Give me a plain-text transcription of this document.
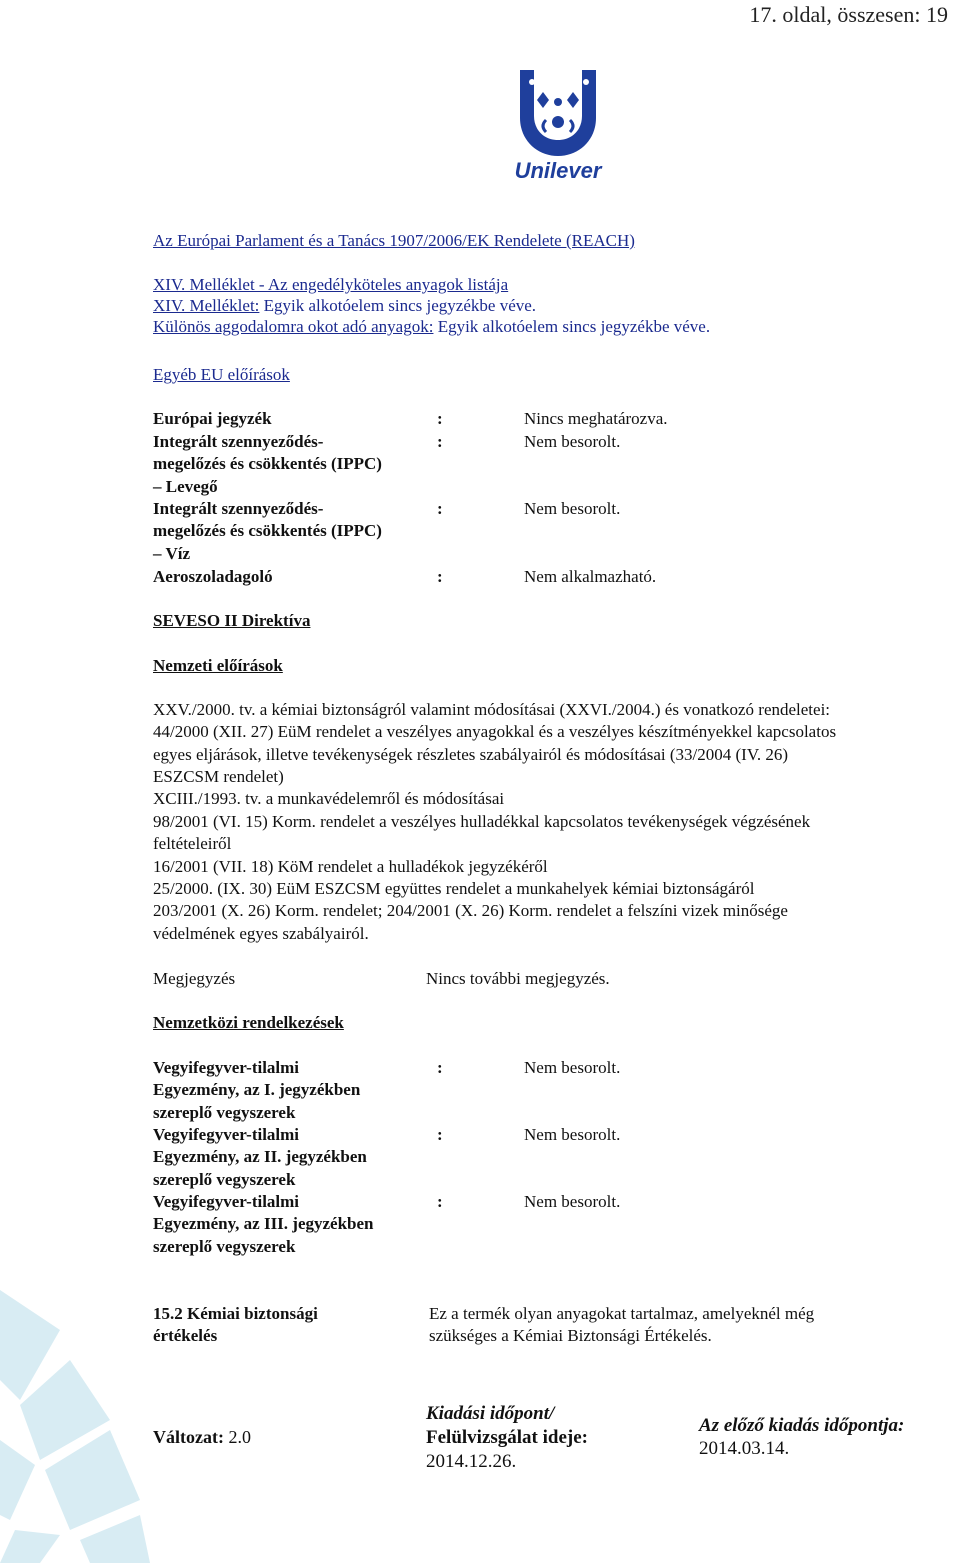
17. oldal, összesen: 19
Unilever
Az Európai Parlament és a Tanács 1907/2006/EK Rendelete (REACH)
XIV. Melléklet - Az engedélyköteles anyagok listája
XIV. Melléklet: Egyik alkotóelem sincs jegyzékbe véve.
Különös aggodalomra okot adó anyagok: Egyik alkotóelem sincs jegyzékbe véve.
Egyéb EU előírások
Európai jegyzék	:	Nincs meghatározva.
Integrált szennyeződés-
megelőzés és csökkentés (IPPC)
– Levegő
:	Nem besorolt.
Integrált szennyeződés-
megelőzés és csökkentés (IPPC)
– Víz
:	Nem besorolt.
Aeroszoladagoló	:	Nem alkalmazható.
SEVESO II Direktíva
Nemzeti előírások
XXV./2000. tv. a kémiai biztonságról valamint módosításai (XXVI./2004.) és vonatkozó rendeletei:
44/2000 (XII. 27) EüM rendelet a veszélyes anyagokkal és a veszélyes készítményekkel kapcsolatos
egyes eljárások, illetve tevékenységek részletes szabályairól és módosításai (33/2004 (IV. 26)
ESZCSM rendelet)
XCIII./1993. tv. a munkavédelemről és módosításai
98/2001 (VI. 15) Korm. rendelet a veszélyes hulladékkal kapcsolatos tevékenységek végzésének
feltételeiről
16/2001 (VII. 18) KöM rendelet a hulladékok jegyzékéről
25/2000. (IX. 30) EüM ESZCSM együttes rendelet a munkahelyek kémiai biztonságáról
203/2001 (X. 26) Korm. rendelet; 204/2001 (X. 26) Korm. rendelet a felszíni vizek minősége
védelmének egyes szabályairól.
Megjegyzés	Nincs további megjegyzés.
Nemzetközi rendelkezések
Vegyifegyver-tilalmi
Egyezmény, az I. jegyzékben
szereplő vegyszerek
:	Nem besorolt.
Vegyifegyver-tilalmi
Egyezmény, az II. jegyzékben
szereplő vegyszerek
:	Nem besorolt.
Vegyifegyver-tilalmi
Egyezmény, az III. jegyzékben
szereplő vegyszerek
:	Nem besorolt.
15.2 Kémiai biztonsági
értékelés
Ez a termék olyan anyagokat tartalmaz, amelyeknél még
szükséges a Kémiai Biztonsági Értékelés.
Változat: 2.0
Kiadási időpont/
Felülvizsgálat ideje:
2014.12.26.
Az előző kiadás időpontja:
2014.03.14.
